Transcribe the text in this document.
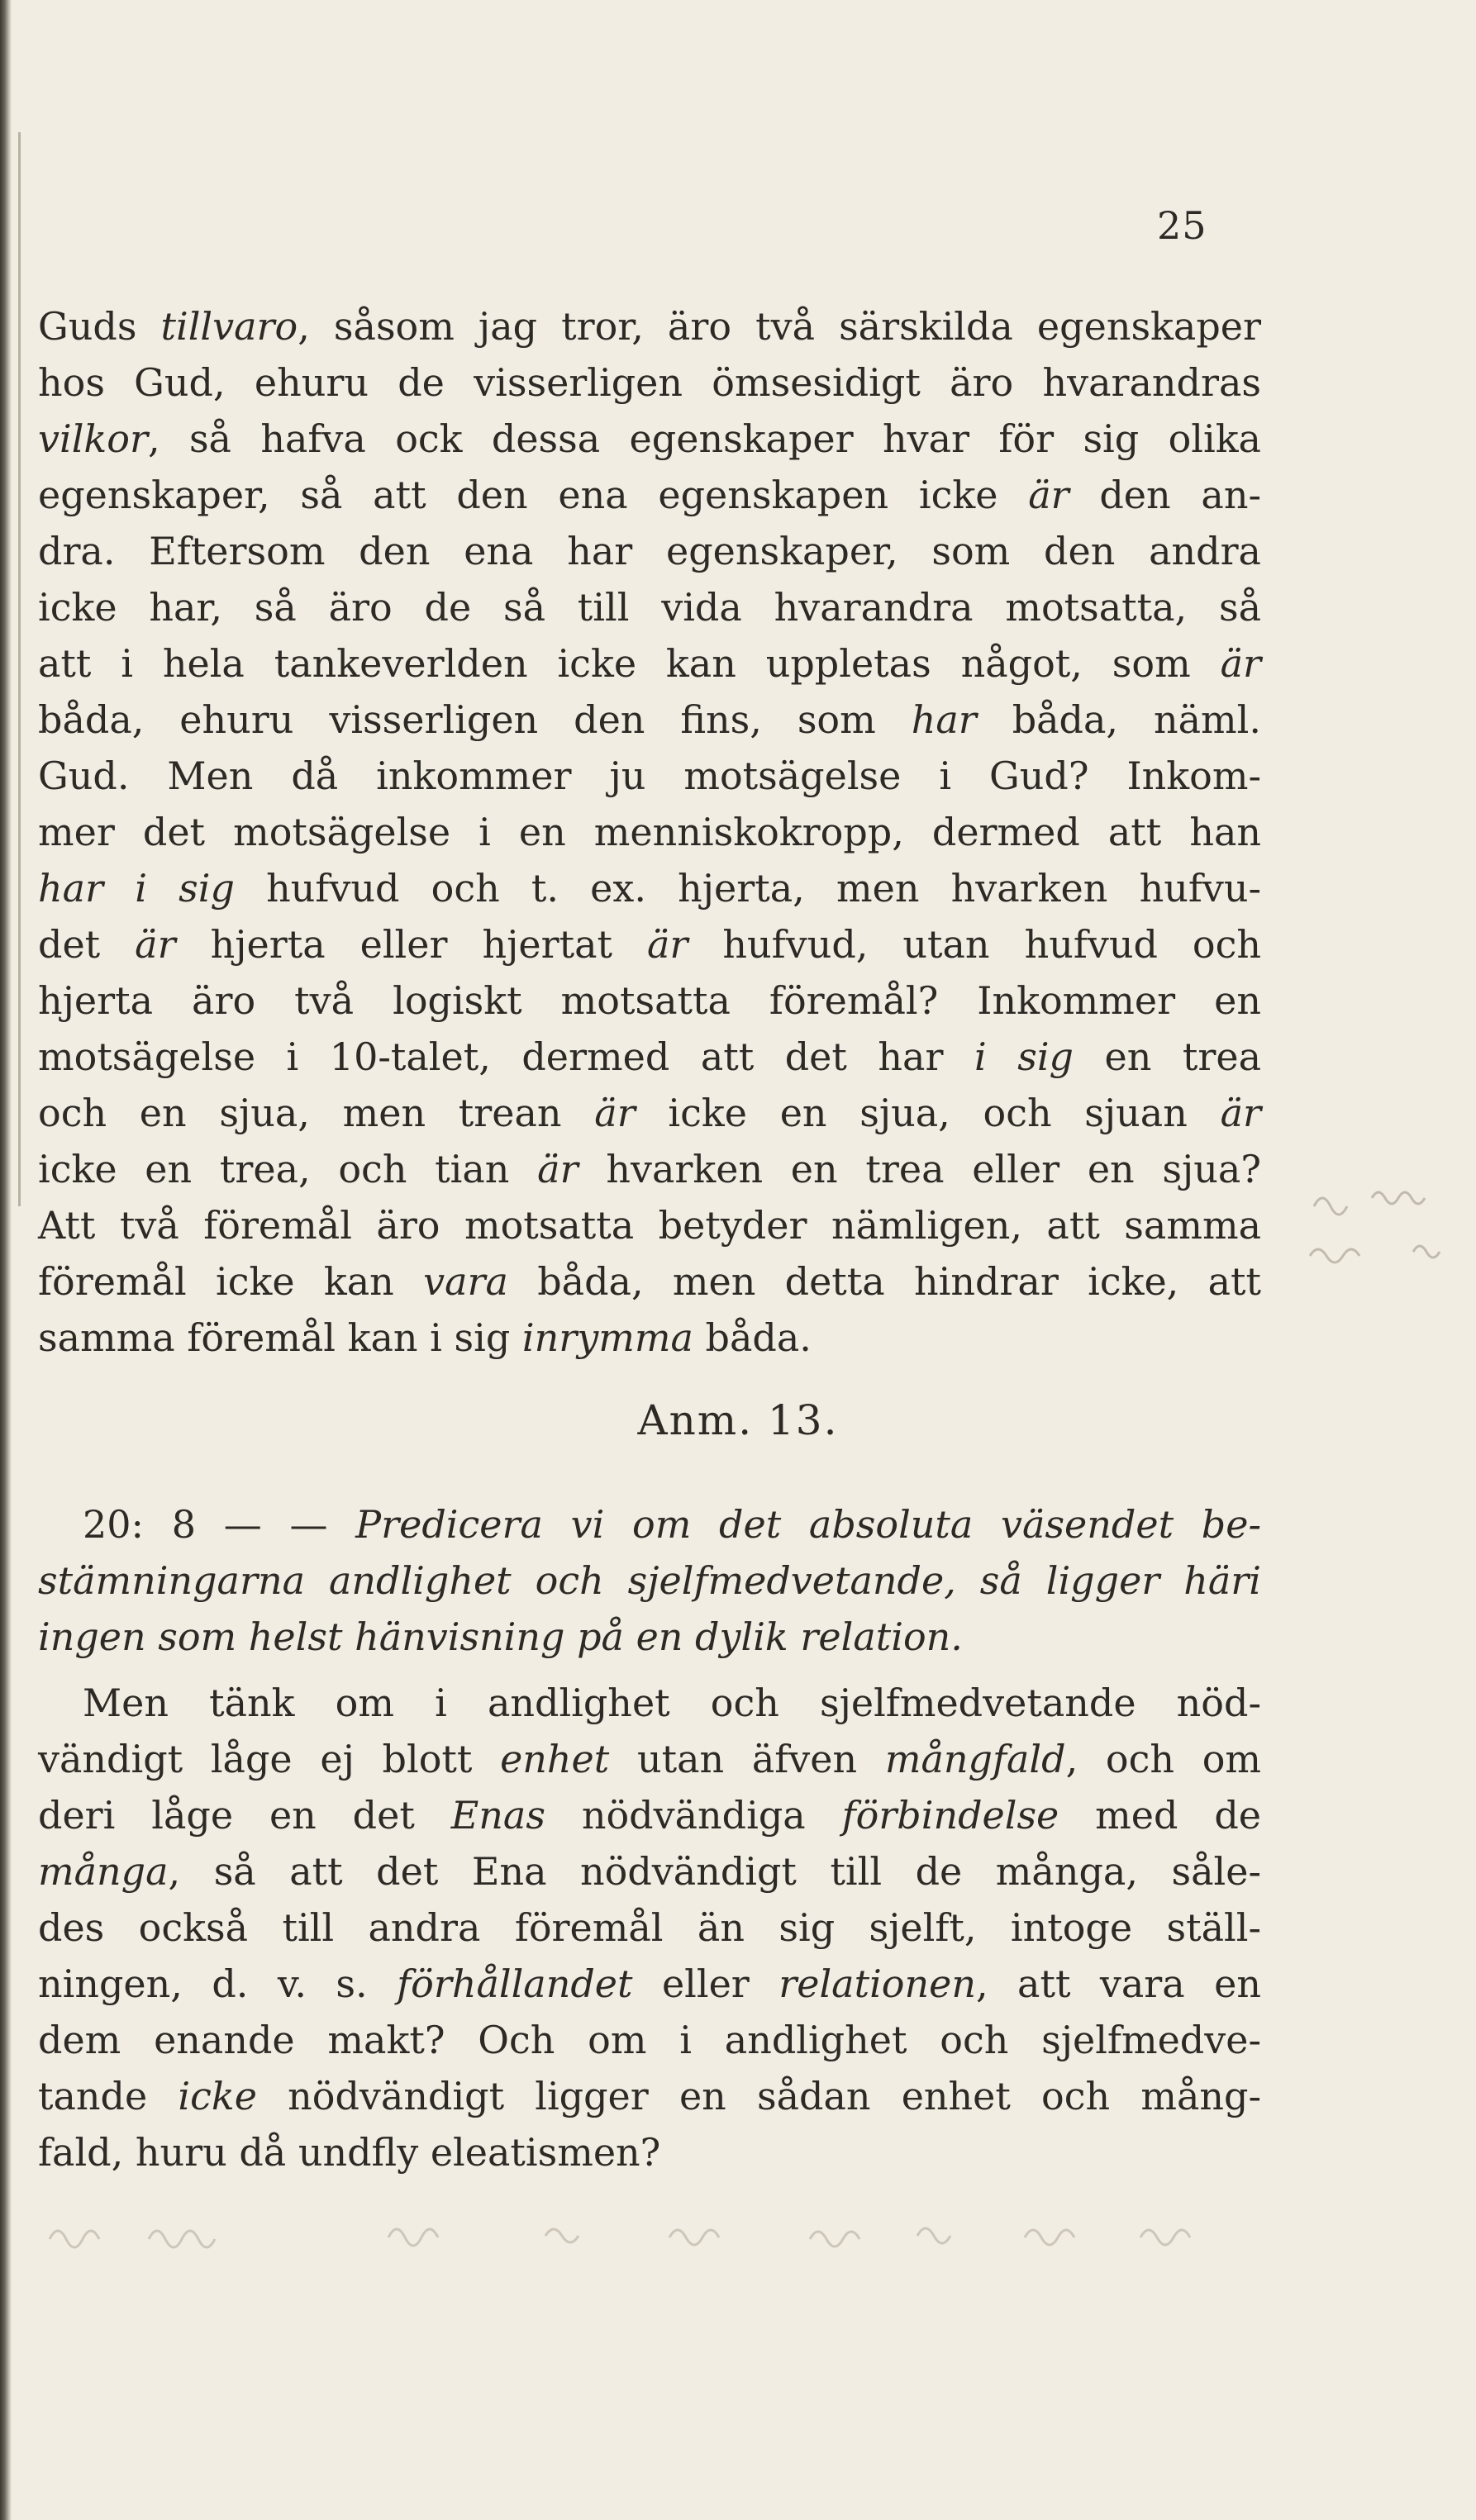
25
Guds tillvaro, såsom jag tror, äro två särskilda egenskaper
hos Gud, ehuru de visserligen ömsesidigt äro hvarandras
vilkor, så hafva ock dessa egenskaper hvar för sig olika
egenskaper, så att den ena egenskapen icke är den an-
dra. Eftersom den ena har egenskaper, som den andra
icke har, så äro de så till vida hvarandra motsatta, så
att i hela tankeverlden icke kan uppletas något, som är
båda, ehuru visserligen den fins, som har båda, näml.
Gud. Men då inkommer ju motsägelse i Gud? Inkom-
mer det motsägelse i en menniskokropp, dermed att han
har i sig hufvud och t. ex. hjerta, men hvarken hufvu-
det är hjerta eller hjertat är hufvud, utan hufvud och
hjerta äro två logiskt motsatta föremål? Inkommer en
motsägelse i 10-talet, dermed att det har i sig en trea
och en sjua, men trean är icke en sjua, och sjuan är
icke en trea, och tian är hvarken en trea eller en sjua?
Att två föremål äro motsatta betyder nämligen, att samma
föremål icke kan vara båda, men detta hindrar icke, att
samma föremål kan i sig inrymma båda.
Anm. 13.
20: 8 — — Predicera vi om det absoluta väsendet be-
stämningarna andlighet och sjelfmedvetande, så ligger häri
ingen som helst hänvisning på en dylik relation.
Men tänk om i andlighet och sjelfmedvetande nöd-
vändigt låge ej blott enhet utan äfven mångfald, och om
deri låge en det Enas nödvändiga förbindelse med de
många, så att det Ena nödvändigt till de många, såle-
des också till andra föremål än sig sjelft, intoge ställ-
ningen, d. v. s. förhållandet eller relationen, att vara en
dem enande makt? Och om i andlighet och sjelfmedve-
tande icke nödvändigt ligger en sådan enhet och mång-
fald, huru då undfly eleatismen?
